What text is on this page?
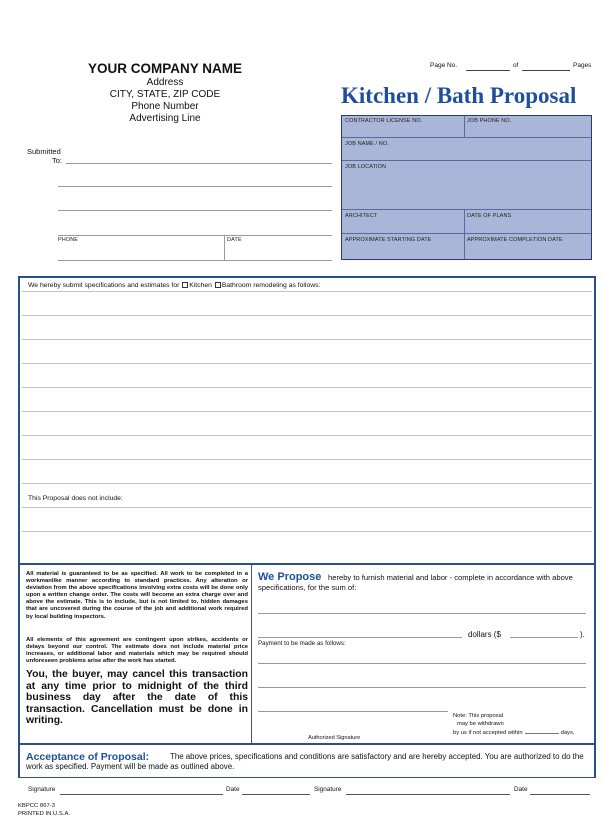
YOUR COMPANY NAME
Address
CITY, STATE, ZIP CODE
Phone Number
Advertising Line
Page No.	of	Pages
Kitchen / Bath Proposal
CONTRACTOR LICENSE NO.	JOB PHONE NO.
JOB NAME / NO.
JOB LOCATION
ARCHITECT	DATE OF PLANS
APPROXIMATE STARTING DATE	APPROXIMATE COMPLETION DATE
Submitted
To:
PHONE	DATE
We hereby submit specifications and estimates for Kitchen Bathroom remodeling as follows:
This Proposal does not include:
All material is guaranteed to be as specified. All work to be completed in a workmanlike manner according to standard practices. Any alteration or deviation from the above specifications involving extra costs will be done only upon a written change order. The costs will become an extra charge over and above the estimate. This is to include, but is not limited to, hidden damages that are uncovered during the course of the job and additional work required by local building inspectors.
All elements of this agreement are contingent upon strikes, accidents or delays beyond our control. The estimate does not include material price increases, or additional labor and materials which may be required should unforeseen problems arise after the work has started.
You, the buyer, may cancel this transaction at any time prior to midnight of the third business day after the date of this transaction. Cancellation must be done in writing.
We Propose hereby to furnish material and labor - complete in accordance with above specifications, for the sum of:
dollars ($	).
Payment to be made as follows:
Authorized Signature
Note: This proposal
may be withdrawn
by us if not accepted within	days.
Acceptance of Proposal:	The above prices, specifications and conditions are satisfactory and are hereby accepted. You are authorized to do the work as specified. Payment will be made as outlined above.
Signature	Date	Signature	Date
KBPCC 867-3
PRINTED IN U.S.A.
